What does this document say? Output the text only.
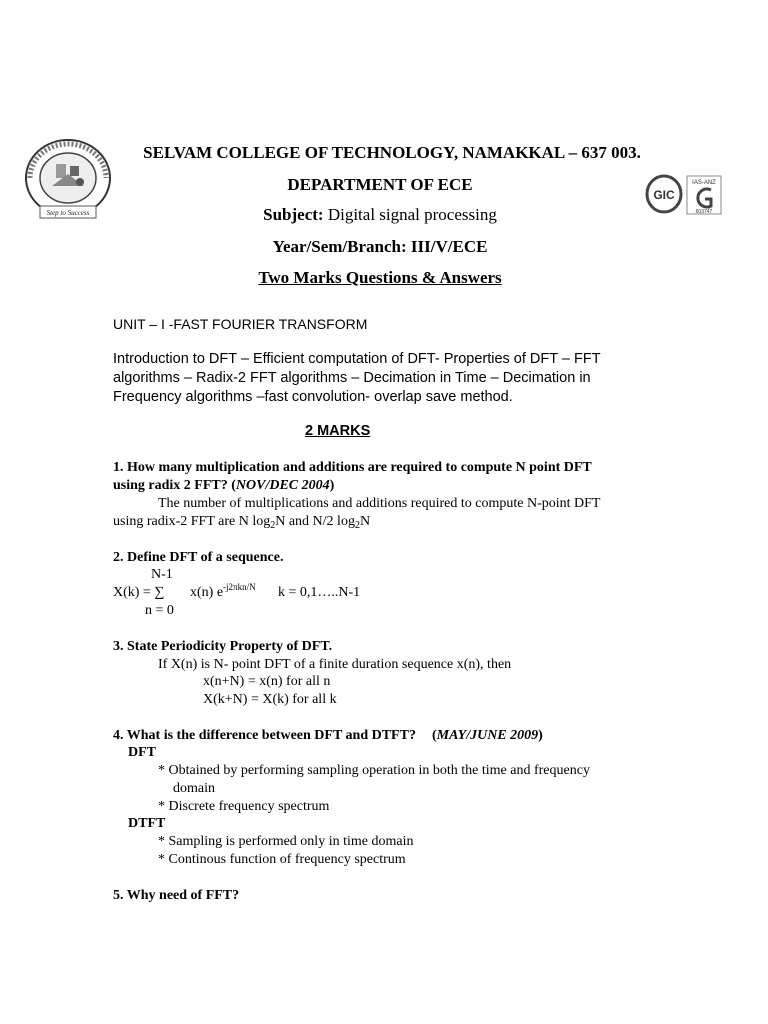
Step to Success
GIC
IAS-ANZ
603747
SELVAM COLLEGE OF TECHNOLOGY, NAMAKKAL – 637 003.
DEPARTMENT OF ECE
Subject: Digital signal processing
Year/Sem/Branch: III/V/ECE
Two Marks Questions & Answers
UNIT – I -FAST FOURIER TRANSFORM
Introduction to DFT – Efficient computation of DFT- Properties of DFT – FFT
algorithms – Radix-2 FFT algorithms – Decimation in Time – Decimation in
Frequency algorithms –fast convolution- overlap save method.
2 MARKS
1. How many multiplication and additions are required to compute N point DFT
using radix 2 FFT? (NOV/DEC 2004)
The number of multiplications and additions required to compute N-point DFT
using radix-2 FFT are N $\log_2N$ and N/2 $\log_2N$
2. Define DFT of a sequence.
N-1
X(k) = ∑ x(n) $e^{-j2\pi kn/N}$ k = 0,1…..N-1
n = 0
3. State Periodicity Property of DFT.
If X(n) is N- point DFT of a finite duration sequence x(n), then
x(n+N) = x(n) for all n
X(k+N) = X(k) for all k
4. What is the difference between DFT and DTFT? (MAY/JUNE 2009)
DFT
* Obtained by performing sampling operation in both the time and frequency
domain
* Discrete frequency spectrum
DTFT
* Sampling is performed only in time domain
* Continous function of frequency spectrum
5. Why need of FFT?
